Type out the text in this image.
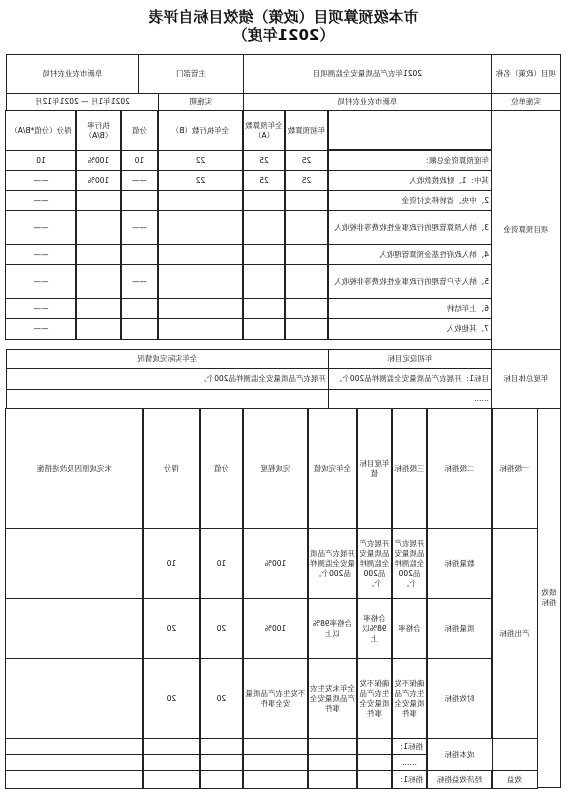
市本级预算项目（政策）绩效目标自评表
（2021年度）
项目（政策）名称
2021年农产品质量安全监测项目
主管部门
阜新市农业农村局
实施单位
阜新市农业农村局
实施期
2021年1月 — 2021年12月
项目预算资金
年初预算数
全年预算数（A）
全年执行数（B）
分值
执行率（B/A）
得分（分值*B/A）
年度预算资金总额：
25
25
22
10
100%
10
其中：1、财政拨款收入
25
25
22
——
100%
——
2、中央、省转移支付资金
——
3、纳入预算管理的行政事业性收费等非税收入
——
——
4、纳入政府性基金预算管理收入
——
5、纳入专户管理的行政事业性收费等非税收入
——
——
6、上年结转
——
7、其他收入
——
年度总体目标
年初设定目标
全年实际完成情况
目标1：开展农产品质量安全监测样品200个。
开展农产品质量安全监测样品200个。
……
绩效指标
一级指标
二级指标
三级指标
年度目标值
全年完成值
完成程度
分值
得分
未完成原因及改进措施
产出指标
数量指标
开展农产品质量安全监测样品200个。
开展农产品质量安全监测样品200个。
开展农产品质量安全监测样品200个。
100%
10
10
质量指标
合格率
合格率98%以上
合格率98%以上
100%
20
20
时效指标
确保不发生农产品质量安全事件
确保不发生农产品质量安全事件
全年未发生农产品质量安全事件
不发生农产品质量安全事件
20
20
成本指标
指标1：
……
效益
经济效益指标
指标1：
